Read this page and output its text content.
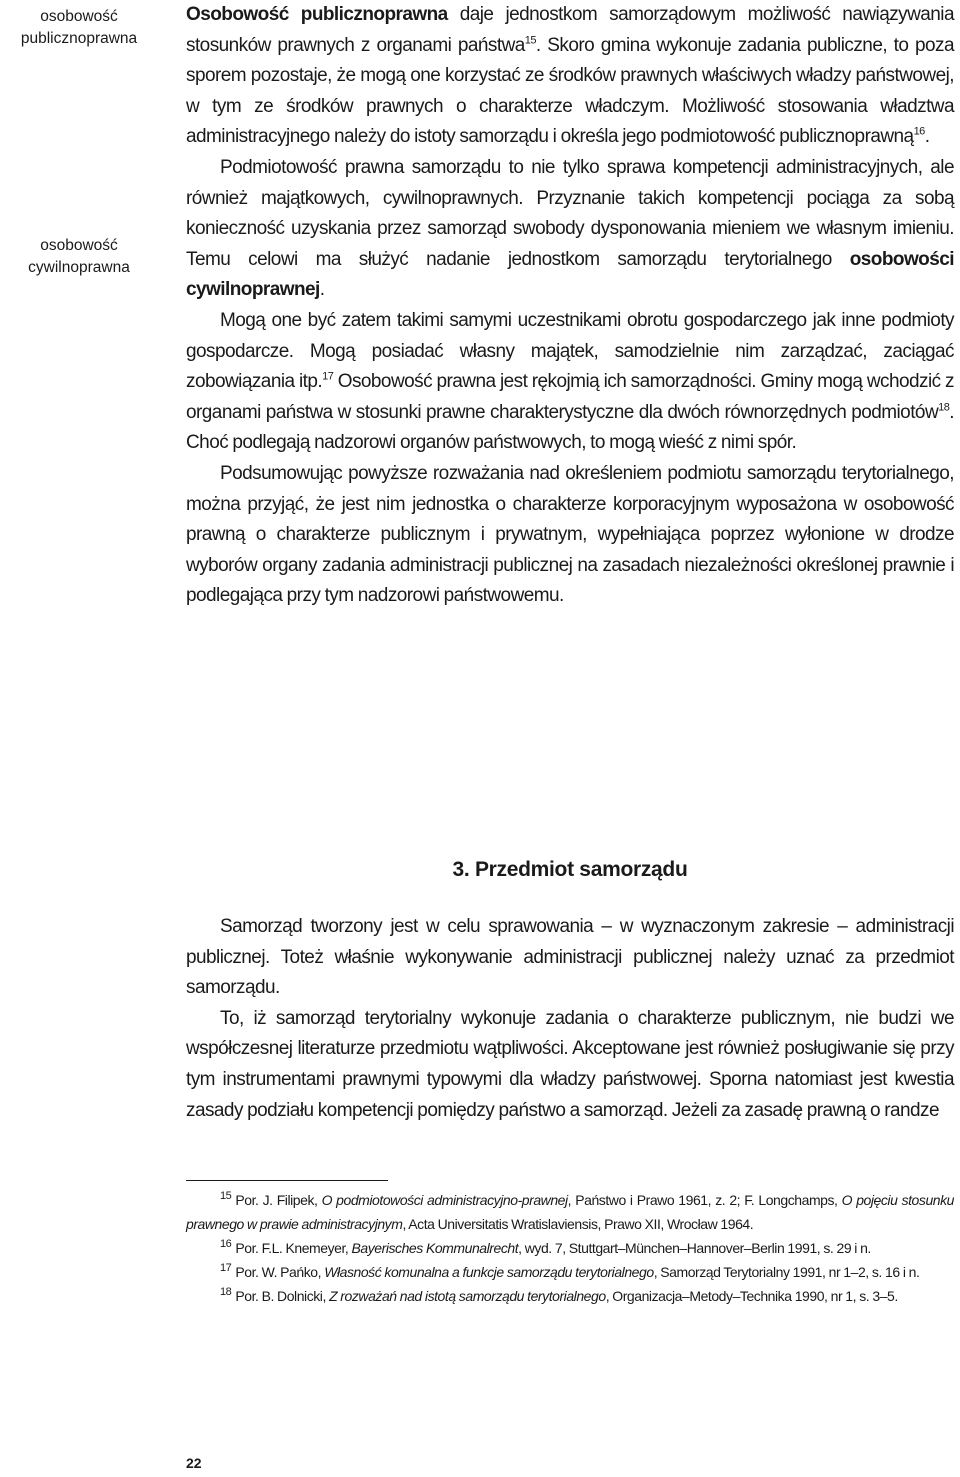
osobowość
publicznoprawna
osobowość
cywilnoprawna

Osobowość publicznoprawna daje jednostkom samorządowym możliwość nawiązywania stosunków prawnych z organami państwa$^{15}$. Skoro gmina wykonuje zadania publiczne, to poza sporem pozostaje, że mogą one korzystać ze środków prawnych właściwych władzy państwowej, w tym ze środków prawnych o charakterze władczym. Możliwość stosowania władztwa administracyjnego należy do istoty samorządu i określa jego podmiotowość publicznoprawną$^{16}$.

Podmiotowość prawna samorządu to nie tylko sprawa kompetencji administracyjnych, ale również majątkowych, cywilnoprawnych. Przyznanie takich kompetencji pociąga za sobą konieczność uzyskania przez samorząd swobody dysponowania mieniem we własnym imieniu. Temu celowi ma służyć nadanie jednostkom samorządu terytorialnego osobowości cywilnoprawnej.

Mogą one być zatem takimi samymi uczestnikami obrotu gospodarczego jak inne podmioty gospodarcze. Mogą posiadać własny majątek, samodzielnie nim zarządzać, zaciągać zobowiązania itp.$^{17}$ Osobowość prawna jest rękojmią ich samorządności. Gminy mogą wchodzić z organami państwa w stosunki prawne charakterystyczne dla dwóch równorzędnych podmiotów$^{18}$. Choć podlegają nadzorowi organów państwowych, to mogą wieść z nimi spór.

Podsumowując powyższe rozważania nad określeniem podmiotu samorządu terytorialnego, można przyjąć, że jest nim jednostka o charakterze korporacyjnym wyposażona w osobowość prawną o charakterze publicznym i prywatnym, wypełniająca poprzez wyłonione w drodze wyborów organy zadania administracji publicznej na zasadach niezależności określonej prawnie i podlegająca przy tym nadzorowi państwowemu.

3. Przedmiot samorządu

Samorząd tworzony jest w celu sprawowania – w wyznaczonym zakresie – administracji publicznej. Toteż właśnie wykonywanie administracji publicznej należy uznać za przedmiot samorządu.

To, iż samorząd terytorialny wykonuje zadania o charakterze publicznym, nie budzi we współczesnej literaturze przedmiotu wątpliwości. Akceptowane jest również posługiwanie się przy tym instrumentami prawnymi typowymi dla władzy państwowej. Sporna natomiast jest kwestia zasady podziału kompetencji pomiędzy państwo a samorząd. Jeżeli za zasadę prawną o randze

$^{15}$ Por. J. Filipek, O podmiotowości administracyjno-prawnej, Państwo i Prawo 1961, z. 2; F. Longchamps, O pojęciu stosunku prawnego w prawie administracyjnym, Acta Universitatis Wratislaviensis, Prawo XII, Wrocław 1964.

$^{16}$ Por. F.L. Knemeyer, Bayerisches Kommunalrecht, wyd. 7, Stuttgart–München–Hannover–Berlin 1991, s. 29 i n.

$^{17}$ Por. W. Pańko, Własność komunalna a funkcje samorządu terytorialnego, Samorząd Terytorialny 1991, nr 1–2, s. 16 i n.

$^{18}$ Por. B. Dolnicki, Z rozważań nad istotą samorządu terytorialnego, Organizacja–Metody–Technika 1990, nr 1, s. 3–5.

22
